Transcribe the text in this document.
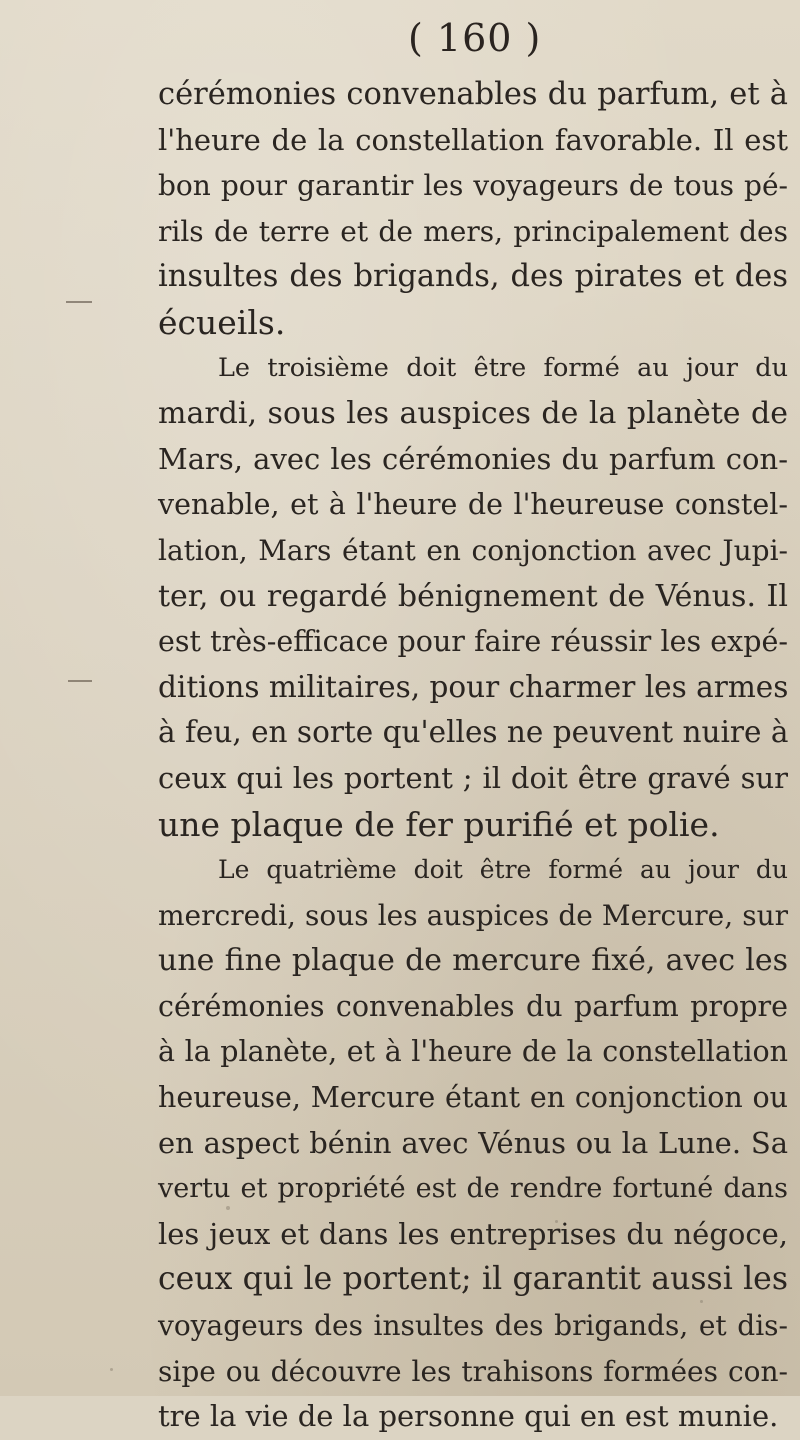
( 160 )
cérémonies convenables du parfum, et à
l'heure de la constellation favorable. Il est
bon pour garantir les voyageurs de tous pé-
rils de terre et de mers, principalement des
insultes des brigands, des pirates et des
écueils.
Le troisième doit être formé au jour du
mardi, sous les auspices de la planète de
Mars, avec les cérémonies du parfum con-
venable, et à l'heure de l'heureuse constel-
lation, Mars étant en conjonction avec Jupi-
ter, ou regardé bénignement de Vénus. Il
est très-efficace pour faire réussir les expé-
ditions militaires, pour charmer les armes
à feu, en sorte qu'elles ne peuvent nuire à
ceux qui les portent ; il doit être gravé sur
une plaque de fer purifié et polie.
Le quatrième doit être formé au jour du
mercredi, sous les auspices de Mercure, sur
une fine plaque de mercure fixé, avec les
cérémonies convenables du parfum propre
à la planète, et à l'heure de la constellation
heureuse, Mercure étant en conjonction ou
en aspect bénin avec Vénus ou la Lune. Sa
vertu et propriété est de rendre fortuné dans
les jeux et dans les entreprises du négoce,
ceux qui le portent; il garantit aussi les
voyageurs des insultes des brigands, et dis-
sipe ou découvre les trahisons formées con-
tre la vie de la personne qui en est munie.
